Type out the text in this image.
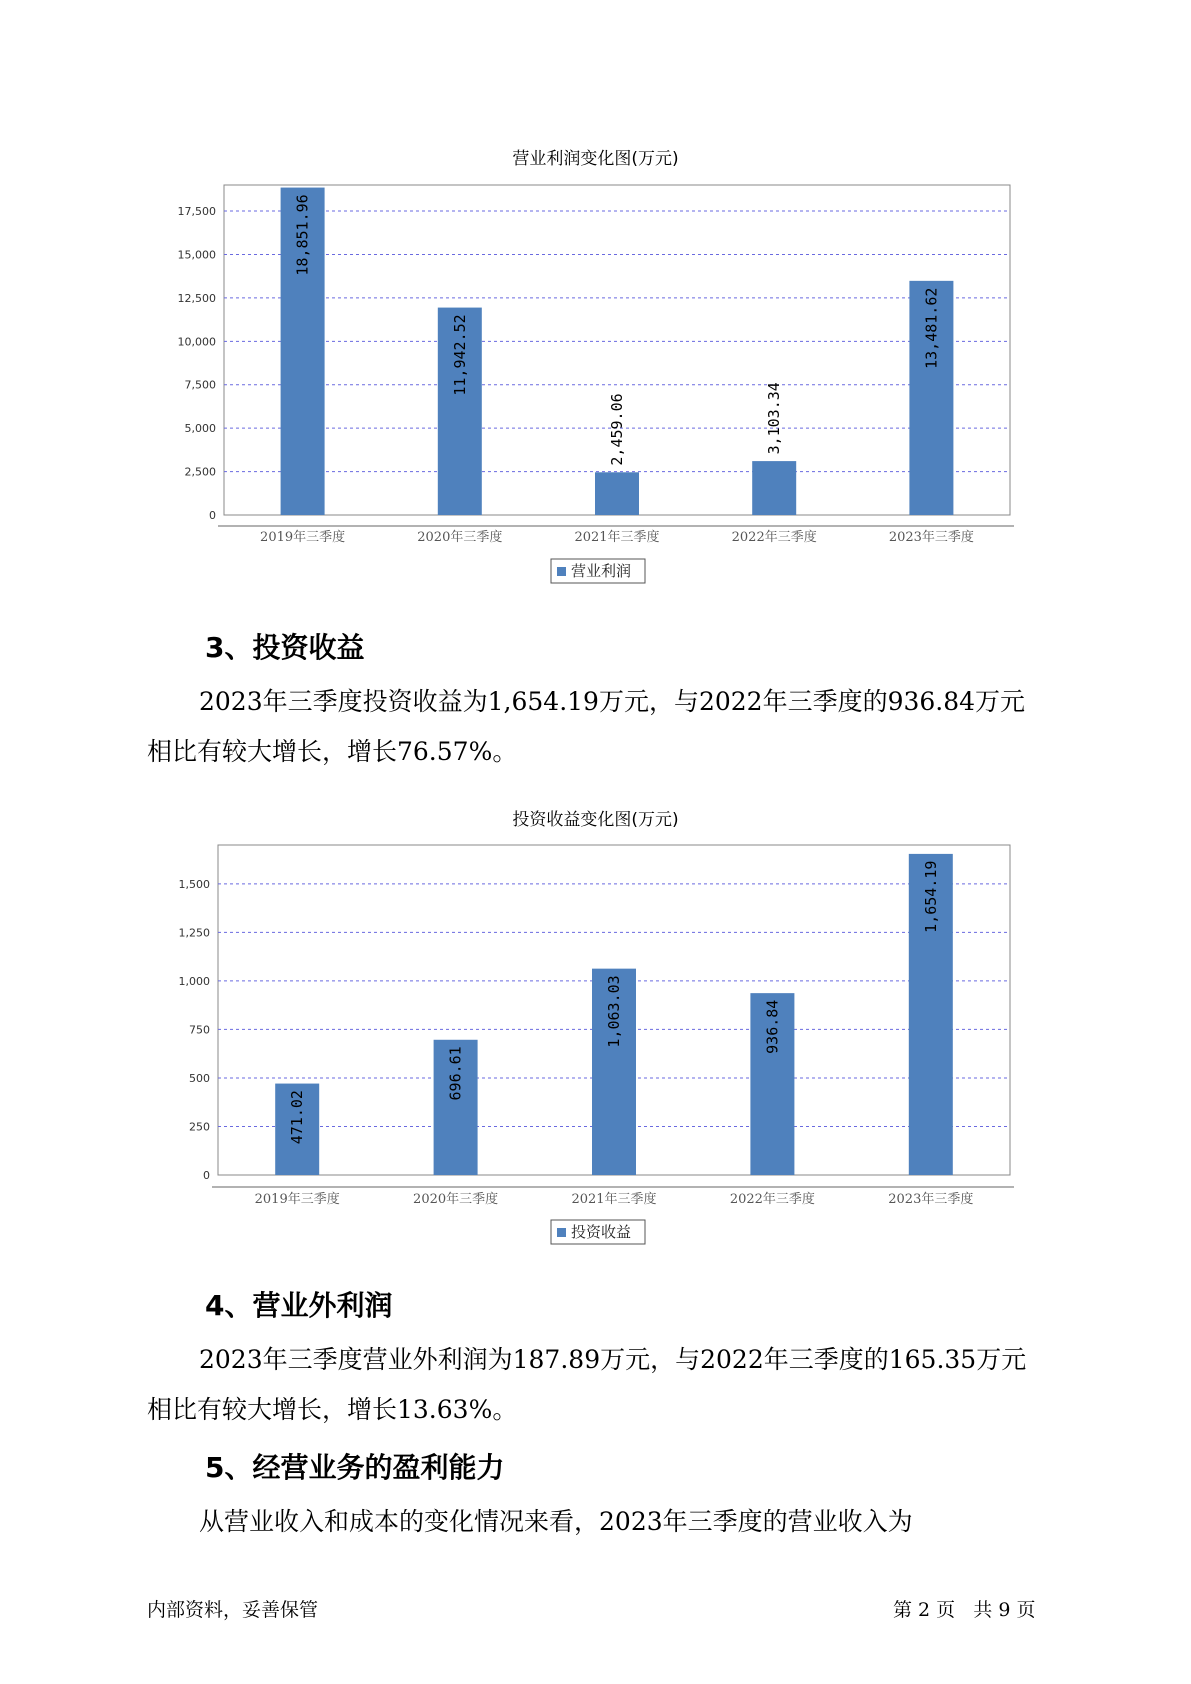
营业利润变化图(万元)
0
2,500
5,000
7,500
10,000
12,500
15,000
17,500	18,851.96
2019年三季度
11,942.52
2020年三季度
2,459.06
2021年三季度
3,103.34
2022年三季度
13,481.62
2023年三季度
营业利润
3、投资收益

2023年三季度投资收益为1,654.19万元，与2022年三季度的936.84万元相比有较大增长，增长76.57%。

投资收益变化图(万元)
0
250
500
750
1,000
1,250
1,500
471.02
2019年三季度
696.61
2020年三季度
1,063.03
2021年三季度
936.84
2022年三季度
1,654.19
2023年三季度
投资收益
4、营业外利润

2023年三季度营业外利润为187.89万元，与2022年三季度的165.35万元相比有较大增长，增长13.63%。

5、经营业务的盈利能力

从营业收入和成本的变化情况来看，2023年三季度的营业收入为

内部资料，妥善保管	第 2 页   共 9 页
